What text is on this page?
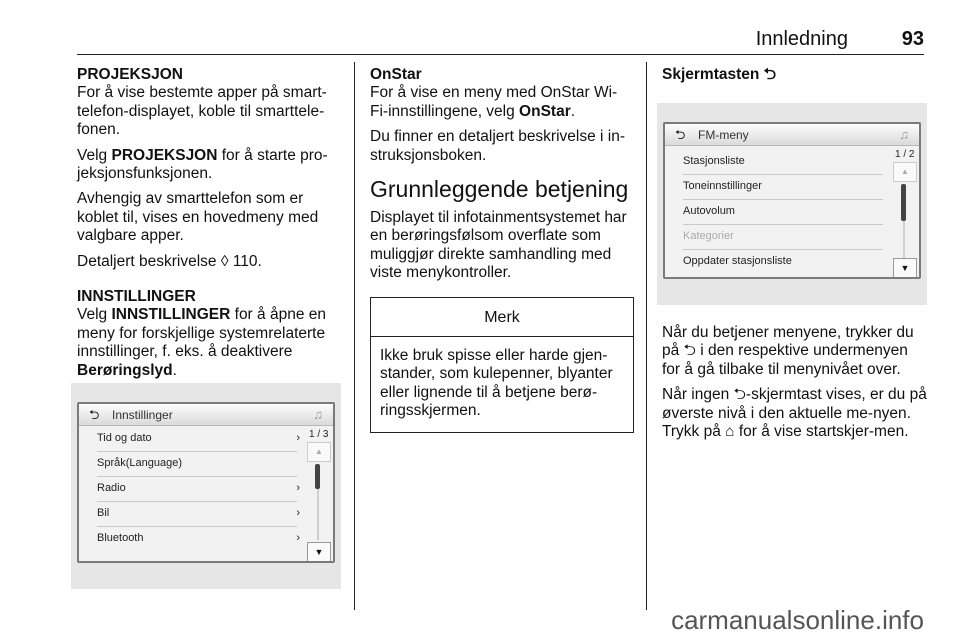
Innledning	93
PROJEKSJON

For å vise bestemte apper på smart-telefon-displayet, koble til smarttele-fonen.

Velg PROJEKSJON for å starte pro-jeksjonsfunksjonen.

Avhengig av smarttelefon som er koblet til, vises en hovedmeny med valgbare apper.

Detaljert beskrivelse ◊ 110.

INNSTILLINGER

Velg INNSTILLINGER for å åpne en meny for forskjellige systemrelaterte innstillinger, f. eks. å deaktivere Berøringslyd.

⮌ Innstillinger	♫
Tid og dato	›
Språk(Language)
Radio	›
Bil	›
Bluetooth	›
1 / 3
▲
▼
OnStar

For å vise en meny med OnStar Wi-Fi-innstillingene, velg OnStar.

Du finner en detaljert beskrivelse i in-struksjonsboken.

Grunnleggende betjening

Displayet til infotainmentsystemet har en berøringsfølsom overflate som muliggjør direkte samhandling med viste menykontroller.

Merk
Ikke bruk spisse eller harde gjen-stander, som kulepenner, blyanter eller lignende til å betjene berø-ringsskjermen.
Skjermtasten ⮌
⮌ FM-meny	♫
Stasjonsliste
Toneinnstillinger
Autovolum
Kategorier
Oppdater stasjonsliste
1 / 2
▲
▼

Når du betjener menyene, trykker du på ⮌ i den respektive undermenyen for å gå tilbake til menynivået over.

Når ingen ⮌-skjermtast vises, er du på øverste nivå i den aktuelle me-nyen. Trykk på ⌂ for å vise startskjer-men.

carmanualsonline.info
